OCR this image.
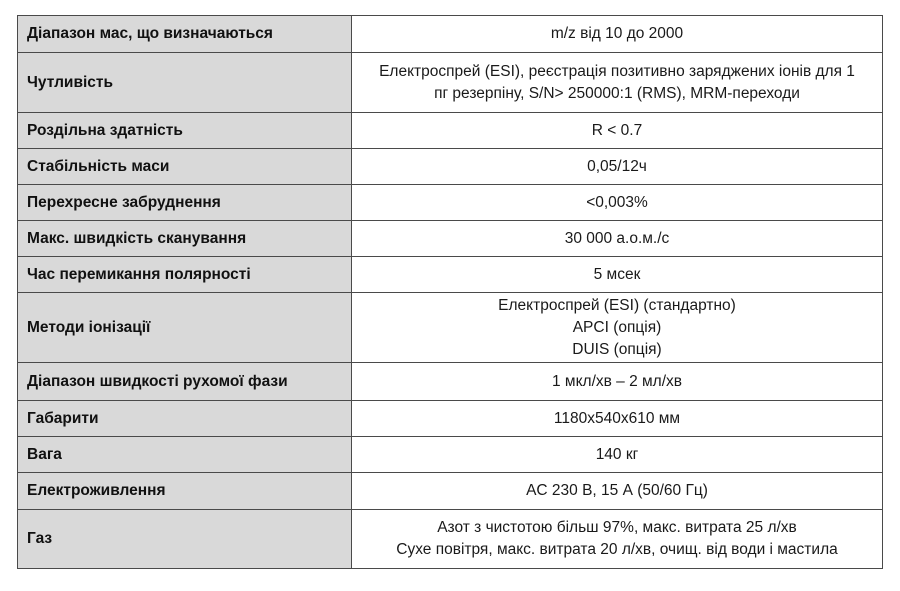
Діапазон мас, що визначаються	m/z від 10 до 2000

Чутливість	Електроспрей (ESI), реєстрація позитивно заряджених іонів для 1
пг резерпіну, S/N> 250000:1 (RMS), MRM-переходи

Роздільна здатність	R < 0.7

Стабільність маси	0,05/12ч

Перехресне забруднення	<0,003%

Макс. швидкість сканування	30 000 а.о.м./с

Час перемикання полярності	5 мсек

Методи іонізації	Електроспрей (ESI) (стандартно)
APCI (опція)
DUIS (опція)

Діапазон швидкості рухомої фази	1 мкл/хв – 2 мл/хв

Габарити	1180х540х610 мм

Вага	140 кг

Електроживлення	AC 230 В, 15 А (50/60 Гц)

Газ	Азот з чистотою більш 97%, макс. витрата 25 л/хв
Сухе повітря, макс. витрата 20 л/хв, очищ. від води і мастила
